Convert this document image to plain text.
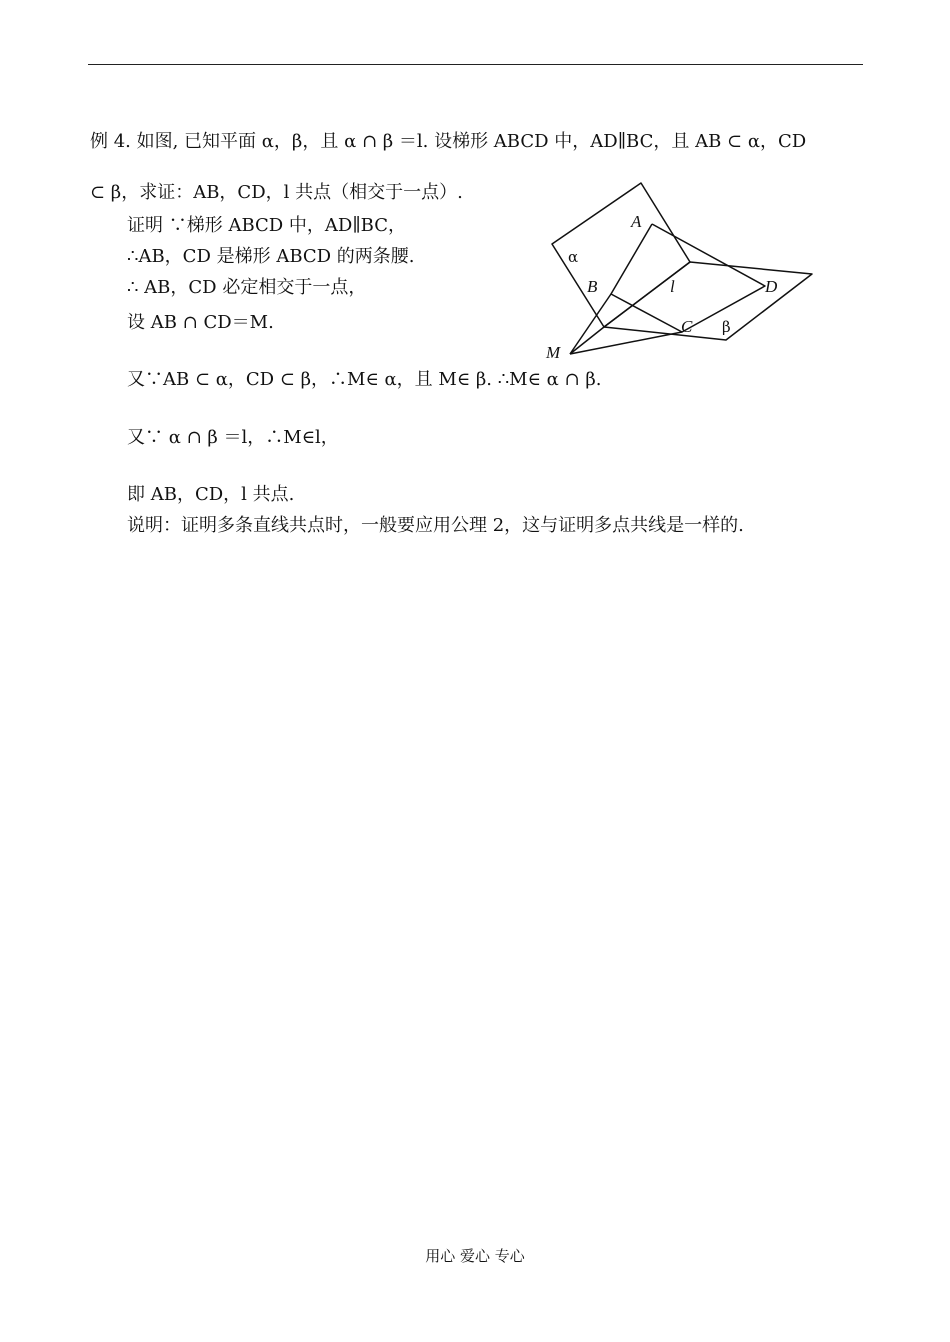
例 4. 如图, 已知平面 α，β，且 α ∩ β ＝l. 设梯形 ABCD 中，AD∥BC，且 AB ⊂ α，CD
⊂ β，求证：AB，CD，l 共点（相交于一点）.
证明 ∵梯形 ABCD 中，AD∥BC，
∴AB，CD 是梯形 ABCD 的两条腰.
∴ AB，CD 必定相交于一点，
设 AB ∩ CD＝M.
又∵AB ⊂ α，CD ⊂ β，∴M∈ α，且 M∈ β. ∴M∈ α ∩ β.
又∵ α ∩ β ＝l，∴M∈l，
即 AB，CD，l 共点.
说明：证明多条直线共点时，一般要应用公理 2，这与证明多点共线是一样的.
A
B
C
D
M
l
α
β
用心 爱心 专心
